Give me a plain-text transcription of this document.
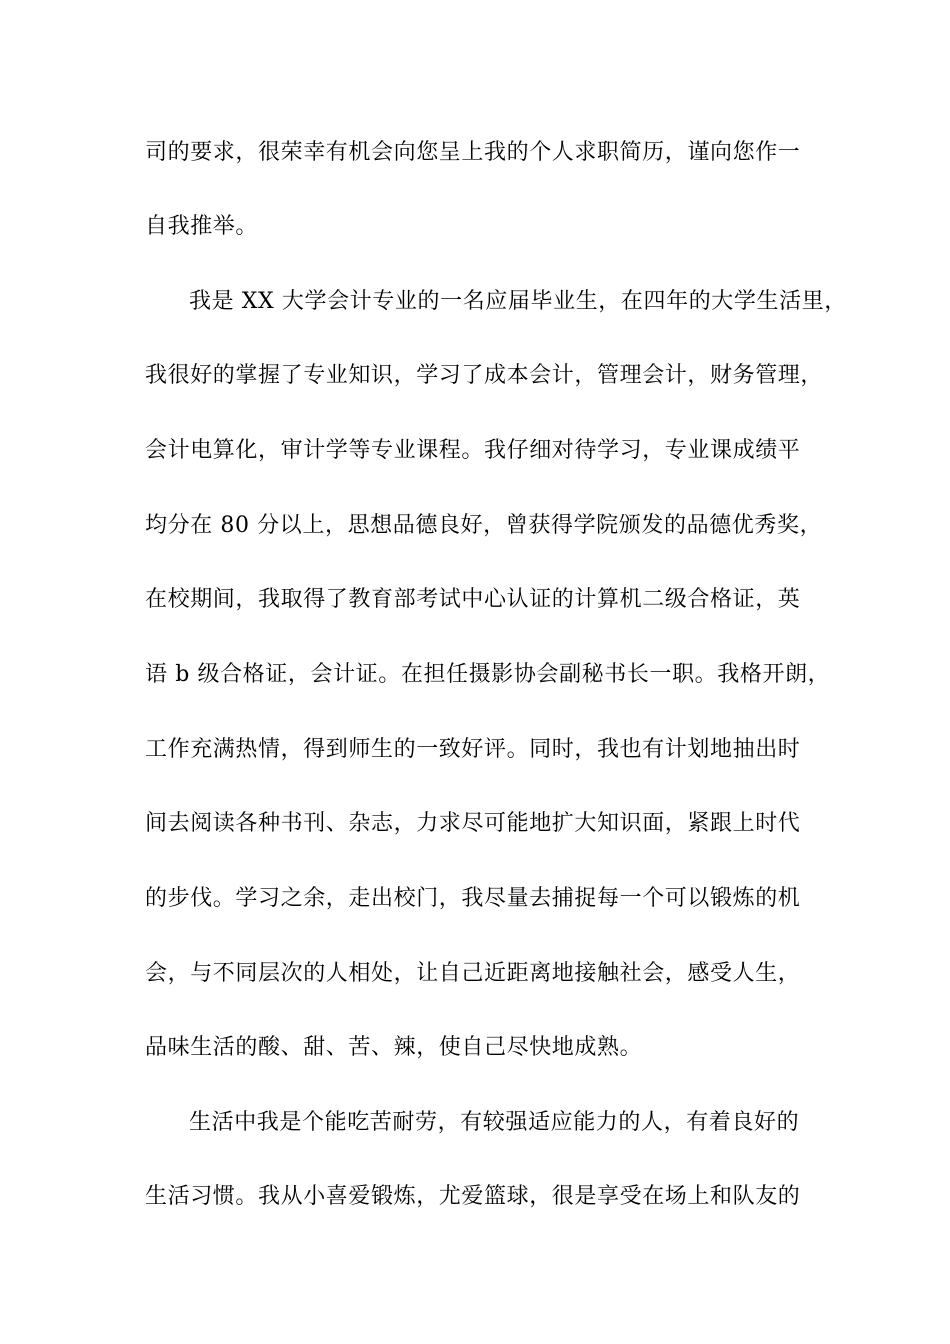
司的要求，很荣幸有机会向您呈上我的个人求职简历，谨向您作一
自我推举。
我是 XX 大学会计专业的一名应届毕业生，在四年的大学生活里，
我很好的掌握了专业知识，学习了成本会计，管理会计，财务管理，
会计电算化，审计学等专业课程。我仔细对待学习，专业课成绩平
均分在 80 分以上，思想品德良好，曾获得学院颁发的品德优秀奖，
在校期间，我取得了教育部考试中心认证的计算机二级合格证，英
语 b 级合格证，会计证。在担任摄影协会副秘书长一职。我格开朗，
工作充满热情，得到师生的一致好评。同时，我也有计划地抽出时
间去阅读各种书刊、杂志，力求尽可能地扩大知识面，紧跟上时代
的步伐。学习之余，走出校门，我尽量去捕捉每一个可以锻炼的机
会，与不同层次的人相处，让自己近距离地接触社会，感受人生，
品味生活的酸、甜、苦、辣，使自己尽快地成熟。
生活中我是个能吃苦耐劳，有较强适应能力的人，有着良好的
生活习惯。我从小喜爱锻炼，尤爱篮球，很是享受在场上和队友的
